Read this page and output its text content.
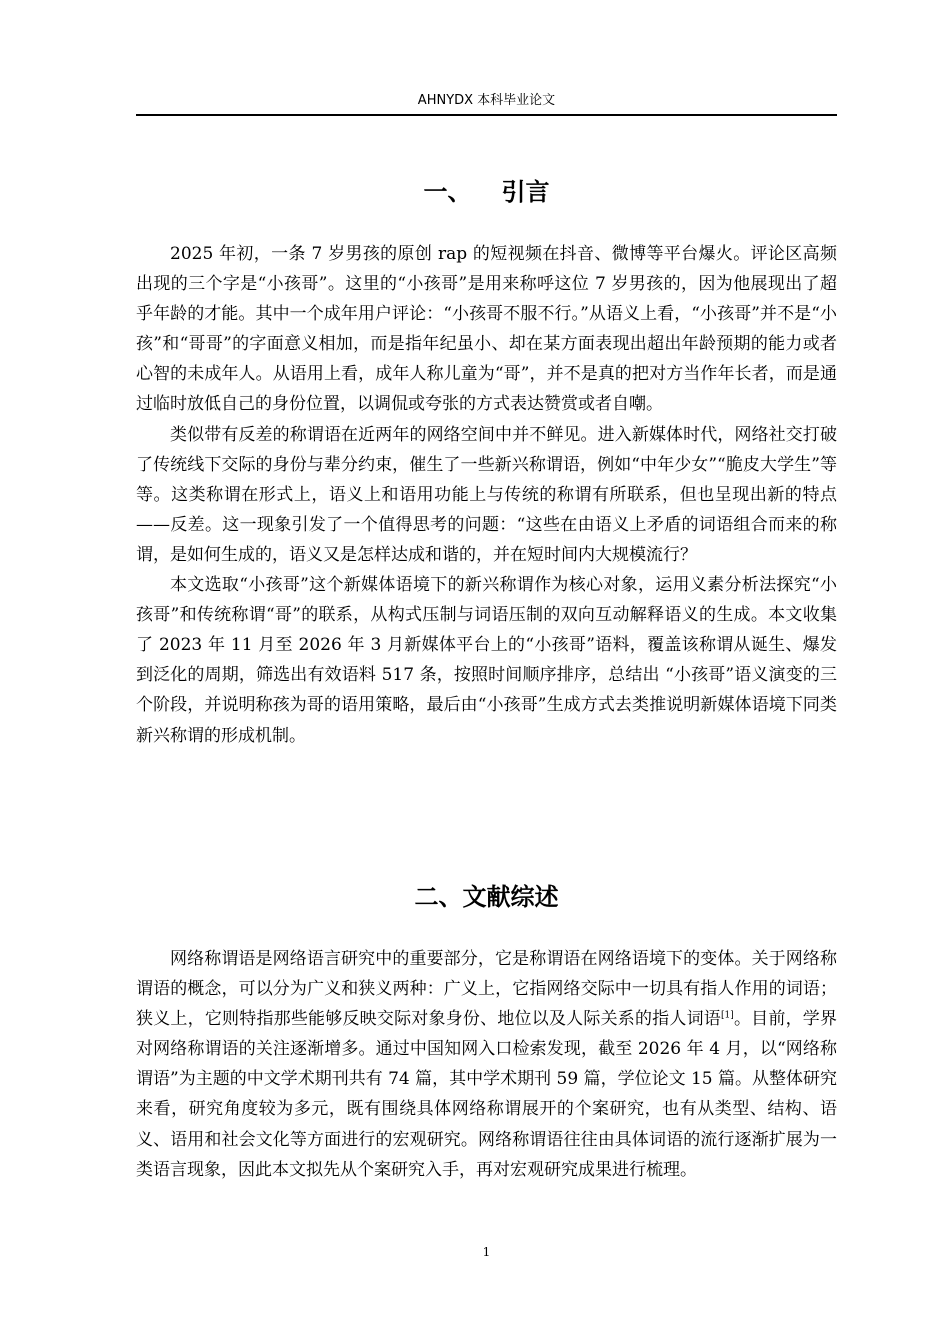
AHNYDX 本科毕业论文
一、 引言

2025 年初，一条 7 岁男孩的原创 rap 的短视频在抖音、微博等平台爆火。评论区高频出现的三个字是“小孩哥”。这里的“小孩哥”是用来称呼这位 7 岁男孩的，因为他展现出了超乎年龄的才能。其中一个成年用户评论：“小孩哥不服不行。”从语义上看，“小孩哥”并不是“小孩”和“哥哥”的字面意义相加，而是指年纪虽小、却在某方面表现出超出年龄预期的能力或者心智的未成年人。从语用上看，成年人称儿童为“哥”，并不是真的把对方当作年长者，而是通过临时放低自己的身份位置，以调侃或夸张的方式表达赞赏或者自嘲。

类似带有反差的称谓语在近两年的网络空间中并不鲜见。进入新媒体时代，网络社交打破了传统线下交际的身份与辈分约束，催生了一些新兴称谓语，例如“中年少女”“脆皮大学生”等等。这类称谓在形式上，语义上和语用功能上与传统的称谓有所联系，但也呈现出新的特点——反差。这一现象引发了一个值得思考的问题：“这些在由语义上矛盾的词语组合而来的称谓，是如何生成的，语义又是怎样达成和谐的，并在短时间内大规模流行？

本文选取“小孩哥”这个新媒体语境下的新兴称谓作为核心对象，运用义素分析法探究“小孩哥”和传统称谓“哥”的联系，从构式压制与词语压制的双向互动解释语义的生成。本文收集了 2023 年 11 月至 2026 年 3 月新媒体平台上的“小孩哥”语料，覆盖该称谓从诞生、爆发到泛化的周期，筛选出有效语料 517 条，按照时间顺序排序，总结出 “小孩哥”语义演变的三个阶段，并说明称孩为哥的语用策略，最后由“小孩哥”生成方式去类推说明新媒体语境下同类新兴称谓的形成机制。

二、文献综述

网络称谓语是网络语言研究中的重要部分，它是称谓语在网络语境下的变体。关于网络称谓语的概念，可以分为广义和狭义两种：广义上，它指网络交际中一切具有指人作用的词语；狭义上，它则特指那些能够反映交际对象身份、地位以及人际关系的指人词语[1]。目前，学界对网络称谓语的关注逐渐增多。通过中国知网入口检索发现，截至 2026 年 4 月，以“网络称谓语”为主题的中文学术期刊共有 74 篇，其中学术期刊 59 篇，学位论文 15 篇。从整体研究来看，研究角度较为多元，既有围绕具体网络称谓展开的个案研究，也有从类型、结构、语义、语用和社会文化等方面进行的宏观研究。网络称谓语往往由具体词语的流行逐渐扩展为一类语言现象，因此本文拟先从个案研究入手，再对宏观研究成果进行梳理。

1
